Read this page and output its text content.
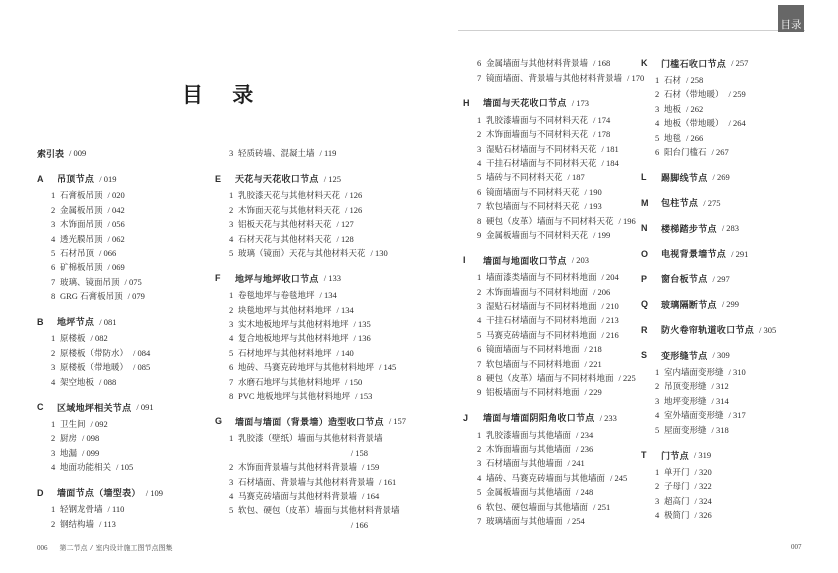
目录
目 录
索引表 / 009
A	吊顶节点 / 019
1 石膏板吊顶 / 020
2 金属板吊顶 / 042
3 木饰面吊顶 / 056
4 透光膜吊顶 / 062
5 石材吊顶 / 066
6 矿棉板吊顶 / 069
7 玻璃、镜面吊顶 / 075
8 GRG 石膏板吊顶 / 079
B	地坪节点 / 081
1 原楼板 / 082
2 原楼板（带防水） / 084
3 原楼板（带地暖） / 085
4 架空地板 / 088
C	区域地坪相关节点 / 091
1 卫生间 / 092
2 厨房 / 098
3 地漏 / 099
4 地面功能相关 / 105
D	墙面节点（墙型表） / 109
1 轻钢龙骨墙 / 110
2 钢结构墙 / 113
3 轻质砖墙、混凝土墙 / 119
E	天花与天花收口节点 / 125
1 乳胶漆天花与其他材料天花 / 126
2 木饰面天花与其他材料天花 / 126
3 铝板天花与其他材料天花 / 127
4 石材天花与其他材料天花 / 128
5 玻璃（镜面）天花与其他材料天花 / 130
F	地坪与地坪收口节点 / 133
1 卷毯地坪与卷毯地坪 / 134
2 块毯地坪与其他材料地坪 / 134
3 实木地板地坪与其他材料地坪 / 135
4 复合地板地坪与其他材料地坪 / 136
5 石材地坪与其他材料地坪 / 140
6 地砖、马赛克砖地坪与其他材料地坪 / 145
7 水磨石地坪与其他材料地坪 / 150
8 PVC 地板地坪与其他材料地坪 / 153
G	墙面与墙面（背景墙）造型收口节点 / 157
1 乳胶漆（壁纸）墙面与其他材料背景墙
/ 158
2 木饰面背景墙与其他材料背景墙 / 159
3 石材墙面、背景墙与其他材料背景墙 / 161
4 马赛克砖墙面与其他材料背景墙 / 164
5 软包、硬包（皮革）墙面与其他材料背景墙
/ 166
6 金属墙面与其他材料背景墙 / 168
7 镜面墙面、背景墙与其他材料背景墙 / 170
H	墙面与天花收口节点 / 173
1 乳胶漆墙面与不同材料天花 / 174
2 木饰面墙面与不同材料天花 / 178
3 湿贴石材墙面与不同材料天花 / 181
4 干挂石材墙面与不同材料天花 / 184
5 墙砖与不同材料天花 / 187
6 镜面墙面与不同材料天花 / 190
7 软包墙面与不同材料天花 / 193
8 硬包（皮革）墙面与不同材料天花 / 196
9 金属板墙面与不同材料天花 / 199
I	墙面与地面收口节点 / 203
1 墙面漆类墙面与不同材料地面 / 204
2 木饰面墙面与不同材料地面 / 206
3 湿贴石材墙面与不同材料地面 / 210
4 干挂石材墙面与不同材料地面 / 213
5 马赛克砖墙面与不同材料地面 / 216
6 镜面墙面与不同材料地面 / 218
7 软包墙面与不同材料地面 / 221
8 硬包（皮革）墙面与不同材料地面 / 225
9 铝板墙面与不同材料地面 / 229
J	墙面与墙面阴阳角收口节点 / 233
1 乳胶漆墙面与其他墙面 / 234
2 木饰面墙面与其他墙面 / 236
3 石材墙面与其他墙面 / 241
4 墙砖、马赛克砖墙面与其他墙面 / 245
5 金属板墙面与其他墙面 / 248
6 软包、硬包墙面与其他墙面 / 251
7 玻璃墙面与其他墙面 / 254
K	门槛石收口节点 / 257
1 石材 / 258
2 石材（带地暖） / 259
3 地板 / 262
4 地板（带地暖） / 264
5 地毯 / 266
6 阳台门槛石 / 267
L	踢脚线节点 / 269
M	包柱节点 / 275
N	楼梯踏步节点 / 283
O	电视背景墙节点 / 291
P	窗台板节点 / 297
Q	玻璃隔断节点 / 299
R	防火卷帘轨道收口节点 / 305
S	变形缝节点 / 309
1 室内墙面变形缝 / 310
2 吊顶变形缝 / 312
3 地坪变形缝 / 314
4 室外墙面变形缝 / 317
5 屋面变形缝 / 318
T	门节点 / 319
1 单开门 / 320
2 子母门 / 322
3 超高门 / 324
4 极简门 / 326
006 第二节点 / 室内设计施工图节点图集	007
